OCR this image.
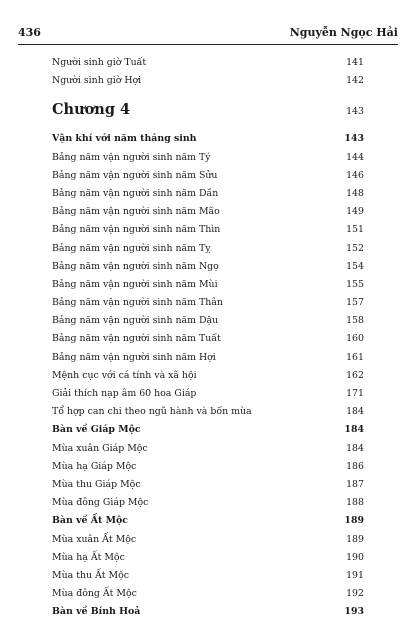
436	Nguyễn Ngọc Hải
Người sinh giờ Tuất	141
Người sinh giờ Hợi	142
Chương 4	143
Vận khí với năm tháng sinh	143
Bảng năm vận người sinh năm Tý	144
Bảng năm vận người sinh năm Sửu	146
Bảng năm vận người sinh năm Dần	148
Bảng năm vận người sinh năm Mão	149
Bảng năm vận người sinh năm Thìn	151
Bảng năm vận người sinh năm Tỵ	152
Bảng năm vận người sinh năm Ngọ	154
Bảng năm vận người sinh năm Mùi	155
Bảng năm vận người sinh năm Thân	157
Bảng năm vận người sinh năm Dậu	158
Bảng năm vận người sinh năm Tuất	160
Bảng năm vận người sinh năm Hợi	161
Mệnh cục với cá tính và xã hội	162
Giải thích nạp âm 60 hoa Giáp	171
Tổ hợp can chi theo ngũ hành và bốn mùa	184
Bàn về Giáp Mộc	184
Mùa xuân Giáp Mộc	184
Mùa hạ Giáp Mộc	186
Mùa thu Giáp Mộc	187
Mùa đông Giáp Mộc	188
Bàn về Ất Mộc	189
Mùa xuân Ất Mộc	189
Mùa hạ Ất Mộc	190
Mùa thu Ất Mộc	191
Mùa đông Ất Mộc	192
Bàn về Bính Hoả	193
